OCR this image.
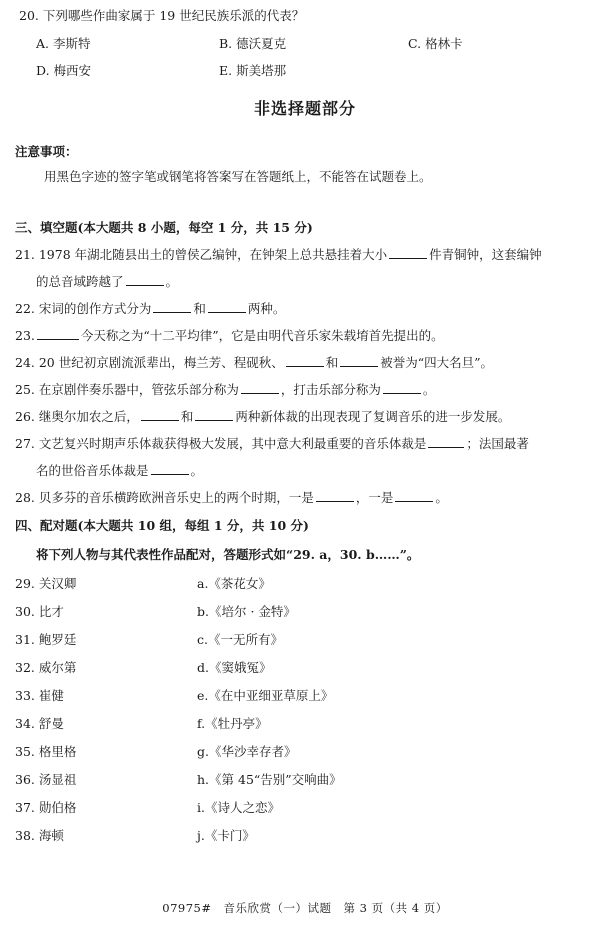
20. 下列哪些作曲家属于 19 世纪民族乐派的代表？
A. 李斯特	B. 德沃夏克	C. 格林卡
D. 梅西安	E. 斯美塔那
非选择题部分
注意事项：
用黑色字迹的签字笔或钢笔将答案写在答题纸上，不能答在试题卷上。
三、填空题(本大题共 8 小题，每空 1 分，共 15 分)
21. 1978 年湖北随县出土的曾侯乙编钟，在钟架上总共悬挂着大小	件青铜钟，这套编钟
的总音域跨越了	。
22. 宋词的创作方式分为	和	两种。
23.	今天称之为“十二平均律”，它是由明代音乐家朱载堉首先提出的。
24. 20 世纪初京剧流派辈出，梅兰芳、程砚秋、	和	被誉为“四大名旦”。
25. 在京剧伴奏乐器中，管弦乐部分称为	，打击乐部分称为	。
26. 继奥尔加农之后，	和	两种新体裁的出现表现了复调音乐的进一步发展。
27. 文艺复兴时期声乐体裁获得极大发展，其中意大利最重要的音乐体裁是	；法国最著
名的世俗音乐体裁是	。
28. 贝多芬的音乐横跨欧洲音乐史上的两个时期，一是	，一是	。
四、配对题(本大题共 10 组，每组 1 分，共 10 分)
将下列人物与其代表性作品配对，答题形式如“29. a，30. b……”。
29. 关汉卿	a.《茶花女》
30. 比才	b.《培尔 · 金特》
31. 鲍罗廷	c.《一无所有》
32. 威尔第	d.《窦娥冤》
33. 崔健	e.《在中亚细亚草原上》
34. 舒曼	f.《牡丹亭》
35. 格里格	g.《华沙幸存者》
36. 汤显祖	h.《第 45“告别”交响曲》
37. 勋伯格	i.《诗人之恋》
38. 海顿	j.《卡门》
07975#　音乐欣赏（一）试题　第 3 页（共 4 页）
